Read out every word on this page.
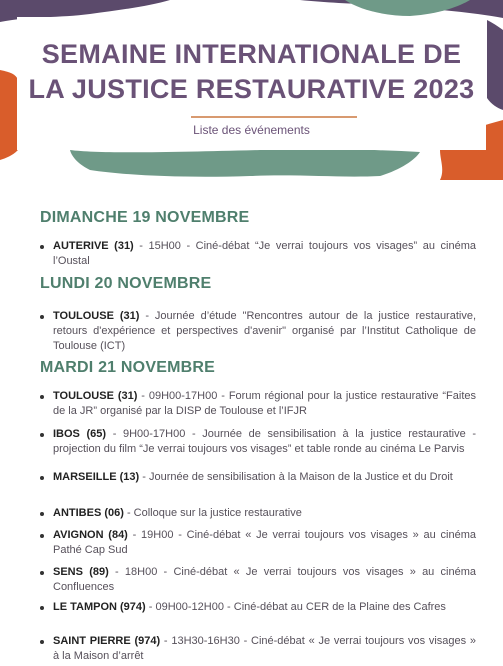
SEMAINE INTERNATIONALE DE
LA JUSTICE RESTAURATIVE 2023
Liste des événements
DIMANCHE 19 NOVEMBRE
AUTERIVE (31) - 15H00 - Ciné-débat “Je verrai toujours vos visages” au cinéma l’Oustal
LUNDI 20 NOVEMBRE
TOULOUSE (31) - Journée d’étude "Rencontres autour de la justice restaurative, retours d'expérience et perspectives d'avenir" organisé par l’Institut Catholique de Toulouse (ICT)
MARDI 21 NOVEMBRE
TOULOUSE (31) - 09H00-17H00 - Forum régional pour la justice restaurative “Faites de la JR” organisé par la DISP de Toulouse et l’IFJR
IBOS (65) - 9H00-17H00 - Journée de sensibilisation à la justice restaurative - projection du film “Je verrai toujours vos visages” et table ronde au cinéma Le Parvis
MARSEILLE (13) - Journée de sensibilisation à la Maison de la Justice et du Droit
ANTIBES (06) - Colloque sur la justice restaurative
AVIGNON (84) - 19H00 - Ciné-débat « Je verrai toujours vos visages » au cinéma Pathé Cap Sud
SENS (89) - 18H00 - Ciné-débat « Je verrai toujours vos visages » au cinéma Confluences
LE TAMPON (974) - 09H00-12H00 - Ciné-débat au CER de la Plaine des Cafres
SAINT PIERRE (974) - 13H30-16H30 - Ciné-débat « Je verrai toujours vos visages » à la Maison d’arrêt
